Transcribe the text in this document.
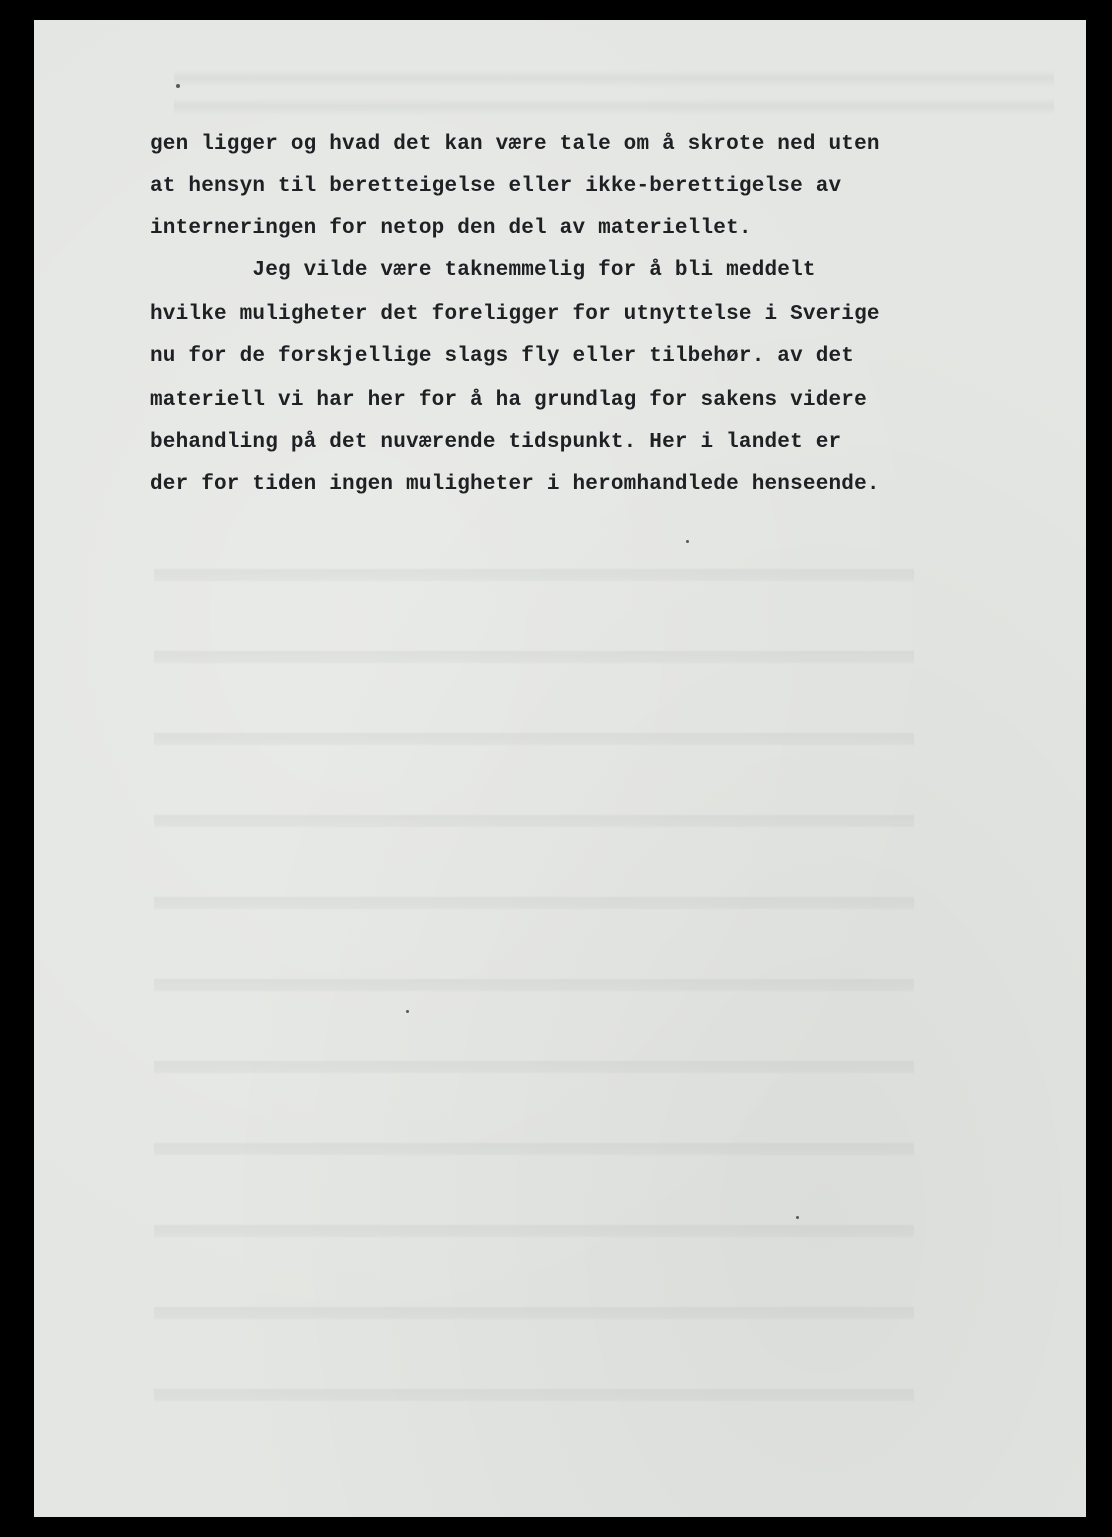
gen ligger og hvad det kan være tale om å skrote ned uten

at hensyn til beretteigelse eller ikke-berettigelse av

interneringen for netop den del av materiellet.

Jeg vilde være taknemmelig for å bli meddelt

hvilke muligheter det foreligger for utnyttelse i Sverige

nu for de forskjellige slags fly eller tilbehør. av det

materiell vi har her for å ha grundlag for sakens videre

behandling på det nuværende tidspunkt. Her i landet er

der for tiden ingen muligheter i heromhandlede henseende.
